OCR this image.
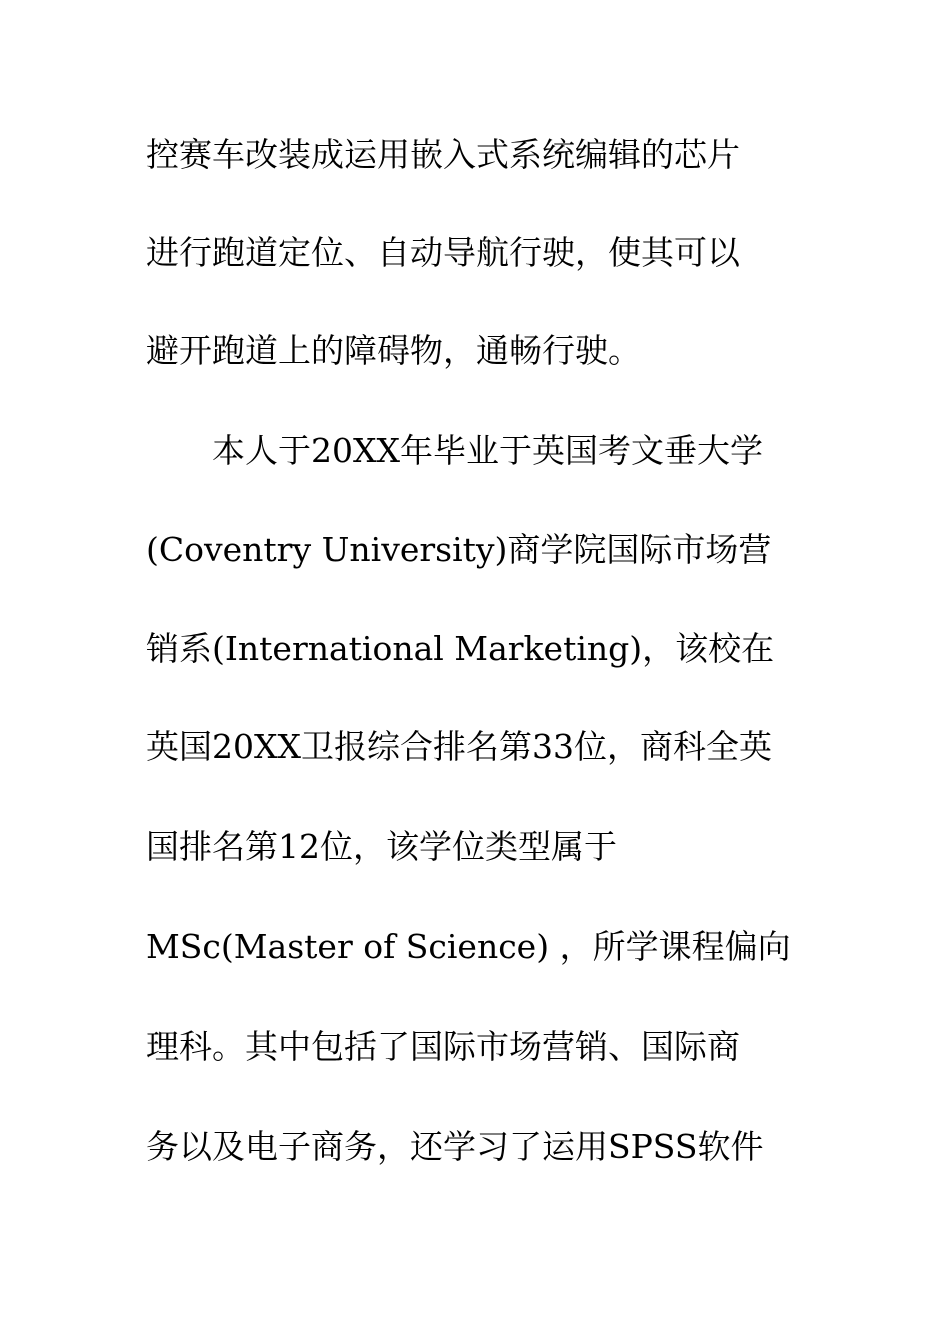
控赛车改装成运用嵌入式系统编辑的芯片
进行跑道定位、自动导航行驶，使其可以
避开跑道上的障碍物，通畅行驶。
本人于20XX年毕业于英国考文垂大学
(Coventry University)商学院国际市场营
销系(International Marketing)，该校在
英国20XX卫报综合排名第33位，商科全英
国排名第12位，该学位类型属于
MSc(Master of Science) ，所学课程偏向
理科。其中包括了国际市场营销、国际商
务以及电子商务，还学习了运用SPSS软件
